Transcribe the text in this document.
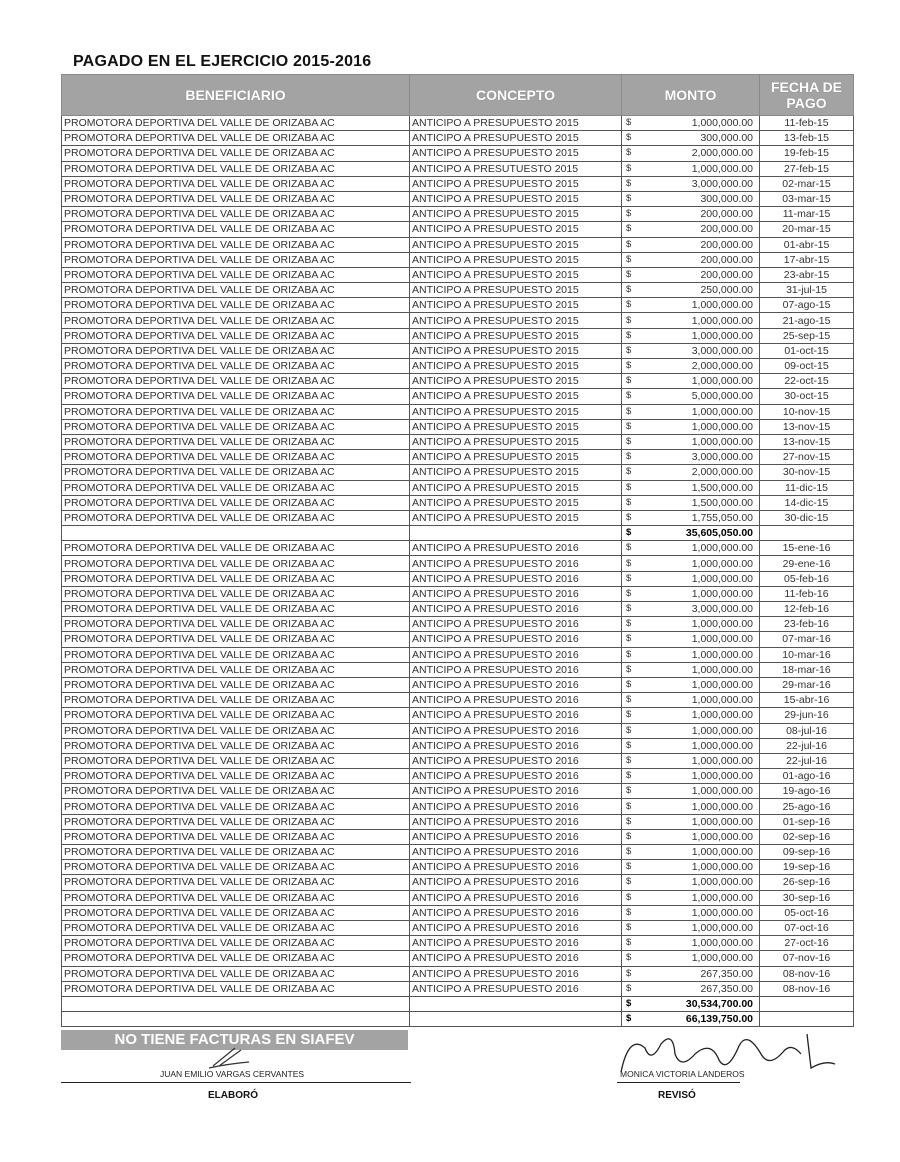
PAGADO EN EL EJERCICIO 2015-2016
BENEFICIARIO	CONCEPTO	MONTO		FECHA DE
PAGO

PROMOTORA DEPORTIVA DEL VALLE DE ORIZABA AC	ANTICIPO A PRESUPUESTO 2015	$	1,000,000.00	11-feb-15
PROMOTORA DEPORTIVA DEL VALLE DE ORIZABA AC	ANTICIPO A PRESUPUESTO 2015	$	300,000.00	13-feb-15
PROMOTORA DEPORTIVA DEL VALLE DE ORIZABA AC	ANTICIPO A PRESUPUESTO 2015	$	2,000,000.00	19-feb-15
PROMOTORA DEPORTIVA DEL VALLE DE ORIZABA AC	ANTICIPO A PRESUTUESTO 2015	$	1,000,000.00	27-feb-15
PROMOTORA DEPORTIVA DEL VALLE DE ORIZABA AC	ANTICIPO A PRESUPUESTO 2015	$	3,000,000.00	02-mar-15
PROMOTORA DEPORTIVA DEL VALLE DE ORIZABA AC	ANTICIPO A PRESUPUESTO 2015	$	300,000.00	03-mar-15
PROMOTORA DEPORTIVA DEL VALLE DE ORIZABA AC	ANTICIPO A PRESUPUESTO 2015	$	200,000.00	11-mar-15
PROMOTORA DEPORTIVA DEL VALLE DE ORIZABA AC	ANTICIPO A PRESUPUESTO 2015	$	200,000.00	20-mar-15
PROMOTORA DEPORTIVA DEL VALLE DE ORIZABA AC	ANTICIPO A PRESUPUESTO 2015	$	200,000.00	01-abr-15
PROMOTORA DEPORTIVA DEL VALLE DE ORIZABA AC	ANTICIPO A PRESUPUESTO 2015	$	200,000.00	17-abr-15
PROMOTORA DEPORTIVA DEL VALLE DE ORIZABA AC	ANTICIPO A PRESUPUESTO 2015	$	200,000.00	23-abr-15
PROMOTORA DEPORTIVA DEL VALLE DE ORIZABA AC	ANTICIPO A PRESUPUESTO 2015	$	250,000.00	31-jul-15
PROMOTORA DEPORTIVA DEL VALLE DE ORIZABA AC	ANTICIPO A PRESUPUESTO 2015	$	1,000,000.00	07-ago-15
PROMOTORA DEPORTIVA DEL VALLE DE ORIZABA AC	ANTICIPO A PRESUPUESTO 2015	$	1,000,000.00	21-ago-15
PROMOTORA DEPORTIVA DEL VALLE DE ORIZABA AC	ANTICIPO A PRESUPUESTO 2015	$	1,000,000.00	25-sep-15
PROMOTORA DEPORTIVA DEL VALLE DE ORIZABA AC	ANTICIPO A PRESUPUESTO 2015	$	3,000,000.00	01-oct-15
PROMOTORA DEPORTIVA DEL VALLE DE ORIZABA AC	ANTICIPO A PRESUPUESTO 2015	$	2,000,000.00	09-oct-15
PROMOTORA DEPORTIVA DEL VALLE DE ORIZABA AC	ANTICIPO A PRESUPUESTO 2015	$	1,000,000.00	22-oct-15
PROMOTORA DEPORTIVA DEL VALLE DE ORIZABA AC	ANTICIPO A PRESUPUESTO 2015	$	5,000,000.00	30-oct-15
PROMOTORA DEPORTIVA DEL VALLE DE ORIZABA AC	ANTICIPO A PRESUPUESTO 2015	$	1,000,000.00	10-nov-15
PROMOTORA DEPORTIVA DEL VALLE DE ORIZABA AC	ANTICIPO A PRESUPUESTO 2015	$	1,000,000.00	13-nov-15
PROMOTORA DEPORTIVA DEL VALLE DE ORIZABA AC	ANTICIPO A PRESUPUESTO 2015	$	1,000,000.00	13-nov-15
PROMOTORA DEPORTIVA DEL VALLE DE ORIZABA AC	ANTICIPO A PRESUPUESTO 2015	$	3,000,000.00	27-nov-15
PROMOTORA DEPORTIVA DEL VALLE DE ORIZABA AC	ANTICIPO A PRESUPUESTO 2015	$	2,000,000.00	30-nov-15
PROMOTORA DEPORTIVA DEL VALLE DE ORIZABA AC	ANTICIPO A PRESUPUESTO 2015	$	1,500,000.00	11-dic-15
PROMOTORA DEPORTIVA DEL VALLE DE ORIZABA AC	ANTICIPO A PRESUPUESTO 2015	$	1,500,000.00	14-dic-15
PROMOTORA DEPORTIVA DEL VALLE DE ORIZABA AC	ANTICIPO A PRESUPUESTO 2015	$	1,755,050.00	30-dic-15
		$	35,605,050.00	
PROMOTORA DEPORTIVA DEL VALLE DE ORIZABA AC	ANTICIPO A PRESUPUESTO 2016	$	1,000,000.00	15-ene-16
PROMOTORA DEPORTIVA DEL VALLE DE ORIZABA AC	ANTICIPO A PRESUPUESTO 2016	$	1,000,000.00	29-ene-16
PROMOTORA DEPORTIVA DEL VALLE DE ORIZABA AC	ANTICIPO A PRESUPUESTO 2016	$	1,000,000.00	05-feb-16
PROMOTORA DEPORTIVA DEL VALLE DE ORIZABA AC	ANTICIPO A PRESUPUESTO 2016	$	1,000,000.00	11-feb-16
PROMOTORA DEPORTIVA DEL VALLE DE ORIZABA AC	ANTICIPO A PRESUPUESTO 2016	$	3,000,000.00	12-feb-16
PROMOTORA DEPORTIVA DEL VALLE DE ORIZABA AC	ANTICIPO A PRESUPUESTO 2016	$	1,000,000.00	23-feb-16
PROMOTORA DEPORTIVA DEL VALLE DE ORIZABA AC	ANTICIPO A PRESUPUESTO 2016	$	1,000,000.00	07-mar-16
PROMOTORA DEPORTIVA DEL VALLE DE ORIZABA AC	ANTICIPO A PRESUPUESTO 2016	$	1,000,000.00	10-mar-16
PROMOTORA DEPORTIVA DEL VALLE DE ORIZABA AC	ANTICIPO A PRESUPUESTO 2016	$	1,000,000.00	18-mar-16
PROMOTORA DEPORTIVA DEL VALLE DE ORIZABA AC	ANTICIPO A PRESUPUESTO 2016	$	1,000,000.00	29-mar-16
PROMOTORA DEPORTIVA DEL VALLE DE ORIZABA AC	ANTICIPO A PRESUPUESTO 2016	$	1,000,000.00	15-abr-16
PROMOTORA DEPORTIVA DEL VALLE DE ORIZABA AC	ANTICIPO A PRESUPUESTO 2016	$	1,000,000.00	29-jun-16
PROMOTORA DEPORTIVA DEL VALLE DE ORIZABA AC	ANTICIPO A PRESUPUESTO 2016	$	1,000,000.00	08-jul-16
PROMOTORA DEPORTIVA DEL VALLE DE ORIZABA AC	ANTICIPO A PRESUPUESTO 2016	$	1,000,000.00	22-jul-16
PROMOTORA DEPORTIVA DEL VALLE DE ORIZABA AC	ANTICIPO A PRESUPUESTO 2016	$	1,000,000.00	22-jul-16
PROMOTORA DEPORTIVA DEL VALLE DE ORIZABA AC	ANTICIPO A PRESUPUESTO 2016	$	1,000,000.00	01-ago-16
PROMOTORA DEPORTIVA DEL VALLE DE ORIZABA AC	ANTICIPO A PRESUPUESTO 2016	$	1,000,000.00	19-ago-16
PROMOTORA DEPORTIVA DEL VALLE DE ORIZABA AC	ANTICIPO A PRESUPUESTO 2016	$	1,000,000.00	25-ago-16
PROMOTORA DEPORTIVA DEL VALLE DE ORIZABA AC	ANTICIPO A PRESUPUESTO 2016	$	1,000,000.00	01-sep-16
PROMOTORA DEPORTIVA DEL VALLE DE ORIZABA AC	ANTICIPO A PRESUPUESTO 2016	$	1,000,000.00	02-sep-16
PROMOTORA DEPORTIVA DEL VALLE DE ORIZABA AC	ANTICIPO A PRESUPUESTO 2016	$	1,000,000.00	09-sep-16
PROMOTORA DEPORTIVA DEL VALLE DE ORIZABA AC	ANTICIPO A PRESUPUESTO 2016	$	1,000,000.00	19-sep-16
PROMOTORA DEPORTIVA DEL VALLE DE ORIZABA AC	ANTICIPO A PRESUPUESTO 2016	$	1,000,000.00	26-sep-16
PROMOTORA DEPORTIVA DEL VALLE DE ORIZABA AC	ANTICIPO A PRESUPUESTO 2016	$	1,000,000.00	30-sep-16
PROMOTORA DEPORTIVA DEL VALLE DE ORIZABA AC	ANTICIPO A PRESUPUESTO 2016	$	1,000,000.00	05-oct-16
PROMOTORA DEPORTIVA DEL VALLE DE ORIZABA AC	ANTICIPO A PRESUPUESTO 2016	$	1,000,000.00	07-oct-16
PROMOTORA DEPORTIVA DEL VALLE DE ORIZABA AC	ANTICIPO A PRESUPUESTO 2016	$	1,000,000.00	27-oct-16
PROMOTORA DEPORTIVA DEL VALLE DE ORIZABA AC	ANTICIPO A PRESUPUESTO 2016	$	1,000,000.00	07-nov-16
PROMOTORA DEPORTIVA DEL VALLE DE ORIZABA AC	ANTICIPO A PRESUPUESTO 2016	$	267,350.00	08-nov-16
PROMOTORA DEPORTIVA DEL VALLE DE ORIZABA AC	ANTICIPO A PRESUPUESTO 2016	$	267,350.00	08-nov-16
		$	30,534,700.00	
		$	66,139,750.00	
NO TIENE FACTURAS EN SIAFEV
JUAN EMILIO VARGAS CERVANTES
ELABORÓ
MONICA VICTORIA LANDEROS
REVISÓ
